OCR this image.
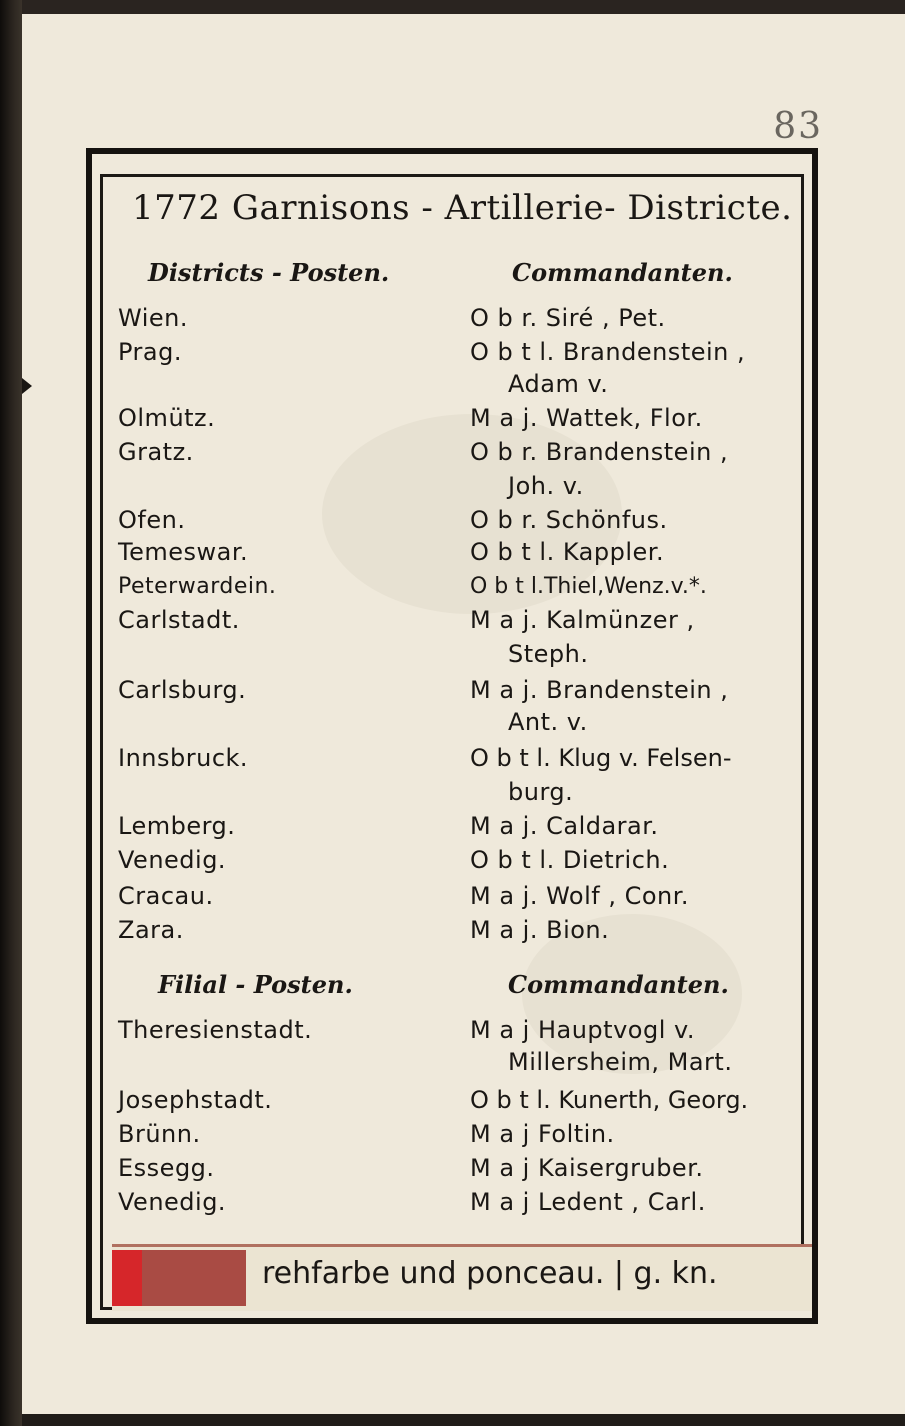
83
1772 Garnisons - Artillerie- Districte.
Districts - Posten.	Commandanten.
Wien.	O b r. Siré , Pet.
Prag.	O b t l. Brandenstein ,
Adam v.
Olmütz.	M a j. Wattek, Flor.
Gratz.	O b r. Brandenstein ,
Joh. v.
Ofen.	O b r. Schönfus.
Temeswar.	O b t l. Kappler.
Peterwardein.	O b t l.Thiel,Wenz.v.*.
Carlstadt.	M a j. Kalmünzer ,
Steph.
Carlsburg.	M a j. Brandenstein ,
Ant. v.
Innsbruck.	O b t l. Klug v. Felsen-
burg.
Lemberg.	M a j. Caldarar.
Venedig.	O b t l. Dietrich.
Cracau.	M a j. Wolf , Conr.
Zara.	M a j. Bion.
Filial - Posten.	Commandanten.
Theresienstadt.	M a j Hauptvogl v.
Millersheim, Mart.
Josephstadt.	O b t l. Kunerth, Georg.
Brünn.	M a j Foltin.
Essegg.	M a j Kaisergruber.
Venedig.	M a j Ledent , Carl.
rehfarbe und ponceau. | g. kn.
